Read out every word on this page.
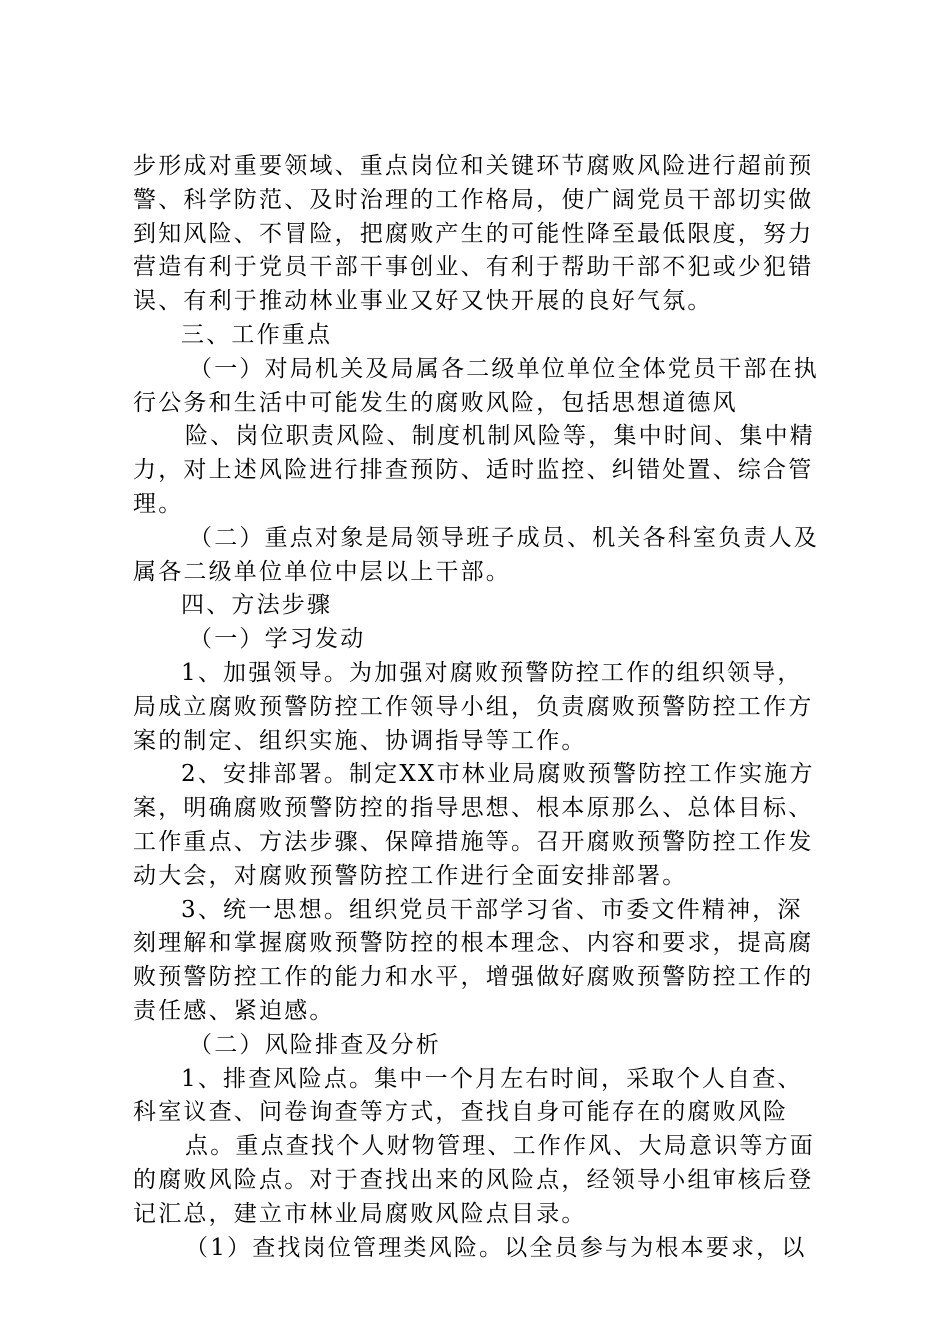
步形成对重要领域、重点岗位和关键环节腐败风险进行超前预
警、科学防范、及时治理的工作格局，使广阔党员干部切实做
到知风险、不冒险，把腐败产生的可能性降至最低限度，努力
营造有利于党员干部干事创业、有利于帮助干部不犯或少犯错
误、有利于推动林业事业又好又快开展的良好气氛。
三、工作重点
（一）对局机关及局属各二级单位单位全体党员干部在执
行公务和生活中可能发生的腐败风险，包括思想道德风
险、岗位职责风险、制度机制风险等，集中时间、集中精
力，对上述风险进行排查预防、适时监控、纠错处置、综合管
理。
（二）重点对象是局领导班子成员、机关各科室负责人及
属各二级单位单位中层以上干部。
四、方法步骤
（一）学习发动
1、加强领导。为加强对腐败预警防控工作的组织领导，
局成立腐败预警防控工作领导小组，负责腐败预警防控工作方
案的制定、组织实施、协调指导等工作。
2、安排部署。制定XX市林业局腐败预警防控工作实施方
案，明确腐败预警防控的指导思想、根本原那么、总体目标、
工作重点、方法步骤、保障措施等。召开腐败预警防控工作发
动大会，对腐败预警防控工作进行全面安排部署。
3、统一思想。组织党员干部学习省、市委文件精神，深
刻理解和掌握腐败预警防控的根本理念、内容和要求，提高腐
败预警防控工作的能力和水平，增强做好腐败预警防控工作的
责任感、紧迫感。
（二）风险排查及分析
1、排查风险点。集中一个月左右时间，采取个人自查、
科室议查、问卷询查等方式，查找自身可能存在的腐败风险
点。重点查找个人财物管理、工作作风、大局意识等方面
的腐败风险点。对于查找出来的风险点，经领导小组审核后登
记汇总，建立市林业局腐败风险点目录。
（1）查找岗位管理类风险。以全员参与为根本要求，以
